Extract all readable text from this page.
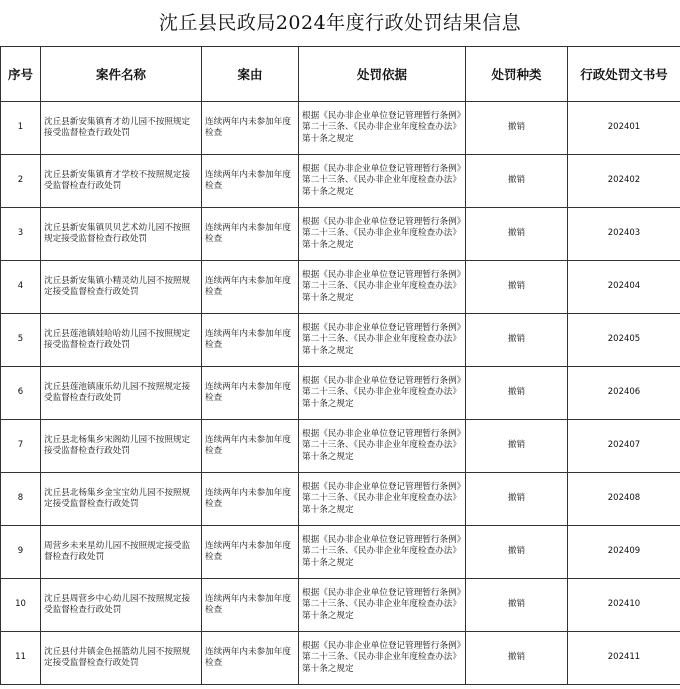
沈丘县民政局2024年度行政处罚结果信息
序号	案件名称	案由	处罚依据	处罚种类	行政处罚文书号
1	沈丘县新安集镇育才幼儿园不按照规定接受监督检查行政处罚	连续两年内未参加年度检查	根据《民办非企业单位登记管理暂行条例》第二十三条、《民办非企业年度检查办法》第十条之规定	撤销	202401
2	沈丘县新安集镇育才学校不按照规定接受监督检查行政处罚	连续两年内未参加年度检查	根据《民办非企业单位登记管理暂行条例》第二十三条、《民办非企业年度检查办法》第十条之规定	撤销	202402
3	沈丘县新安集镇贝贝艺术幼儿园不按照规定接受监督检查行政处罚	连续两年内未参加年度检查	根据《民办非企业单位登记管理暂行条例》第二十三条、《民办非企业年度检查办法》第十条之规定	撤销	202403
4	沈丘县新安集镇小精灵幼儿园不按照规定接受监督检查行政处罚	连续两年内未参加年度检查	根据《民办非企业单位登记管理暂行条例》第二十三条、《民办非企业年度检查办法》第十条之规定	撤销	202404
5	沈丘县莲池镇娃哈哈幼儿园不按照规定接受监督检查行政处罚	连续两年内未参加年度检查	根据《民办非企业单位登记管理暂行条例》第二十三条、《民办非企业年度检查办法》第十条之规定	撤销	202405
6	沈丘县莲池镇康乐幼儿园不按照规定接受监督检查行政处罚	连续两年内未参加年度检查	根据《民办非企业单位登记管理暂行条例》第二十三条、《民办非企业年度检查办法》第十条之规定	撤销	202406
7	沈丘县北杨集乡宋阁幼儿园不按照规定接受监督检查行政处罚	连续两年内未参加年度检查	根据《民办非企业单位登记管理暂行条例》第二十三条、《民办非企业年度检查办法》第十条之规定	撤销	202407
8	沈丘县北杨集乡金宝宝幼儿园不按照规定接受监督检查行政处罚	连续两年内未参加年度检查	根据《民办非企业单位登记管理暂行条例》第二十三条、《民办非企业年度检查办法》第十条之规定	撤销	202408
9	周营乡未来星幼儿园不按照规定接受监督检查行政处罚	连续两年内未参加年度检查	根据《民办非企业单位登记管理暂行条例》第二十三条、《民办非企业年度检查办法》第十条之规定	撤销	202409
10	沈丘县周营乡中心幼儿园不按照规定接受监督检查行政处罚	连续两年内未参加年度检查	根据《民办非企业单位登记管理暂行条例》第二十三条、《民办非企业年度检查办法》第十条之规定	撤销	202410
11	沈丘县付井镇金色摇篮幼儿园不按照规定接受监督检查行政处罚	连续两年内未参加年度检查	根据《民办非企业单位登记管理暂行条例》第二十三条、《民办非企业年度检查办法》第十条之规定	撤销	202411
